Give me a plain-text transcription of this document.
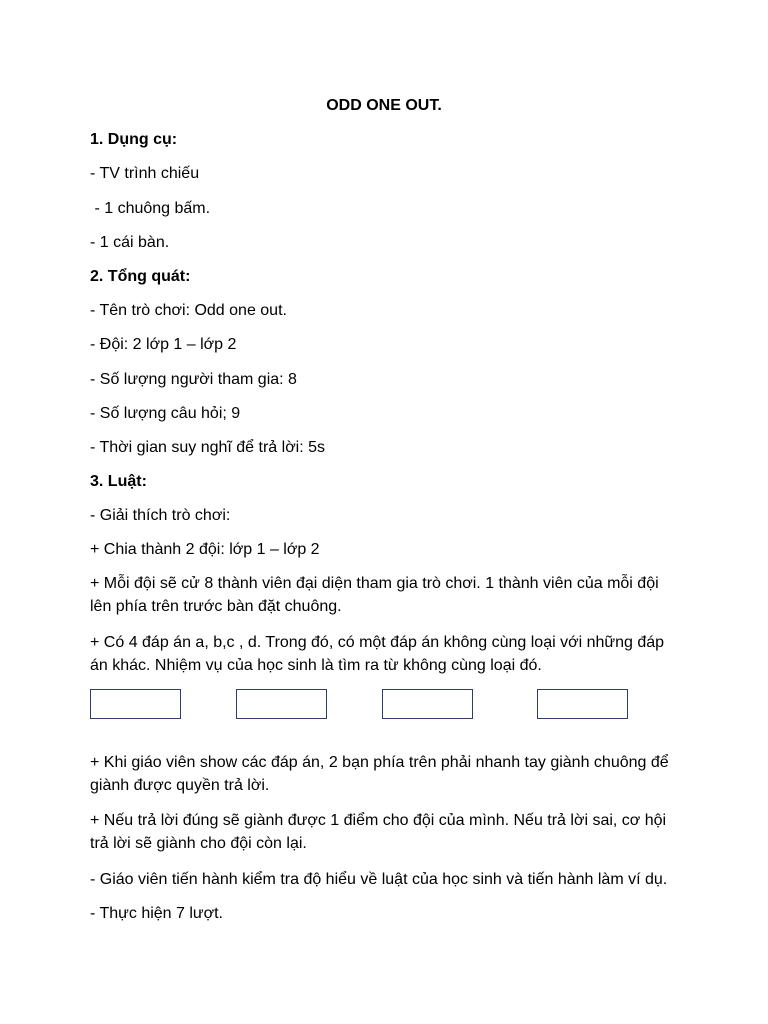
ODD ONE OUT.
1. Dụng cụ:
- TV trình chiếu
- 1 chuông bấm.
- 1 cái bàn.
2. Tổng quát:
- Tên trò chơi: Odd one out.
- Đội: 2 lớp 1 – lớp 2
- Số lượng người tham gia: 8
- Số lượng câu hỏi; 9
- Thời gian suy nghĩ để trả lời: 5s
3. Luật:
- Giải thích trò chơi:
+ Chia thành 2 đội: lớp 1 – lớp 2
+ Mỗi đội sẽ cử 8 thành viên đại diện tham gia trò chơi. 1 thành viên của mỗi đội lên phía trên trước bàn đặt chuông.
+ Có 4 đáp án a, b,c , d. Trong đó, có một đáp án không cùng loại với những đáp án khác. Nhiệm vụ của học sinh là tìm ra từ không cùng loại đó.
+ Khi giáo viên show các đáp án, 2 bạn phía trên phải nhanh tay giành chuông để giành được quyền trả lời.
+ Nếu trả lời đúng sẽ giành được 1 điểm cho đội của mình. Nếu trả lời sai, cơ hội trả lời sẽ giành cho đội còn lại.
- Giáo viên tiến hành kiểm tra độ hiểu về luật của học sinh và tiến hành làm ví dụ.
- Thực hiện 7 lượt.
